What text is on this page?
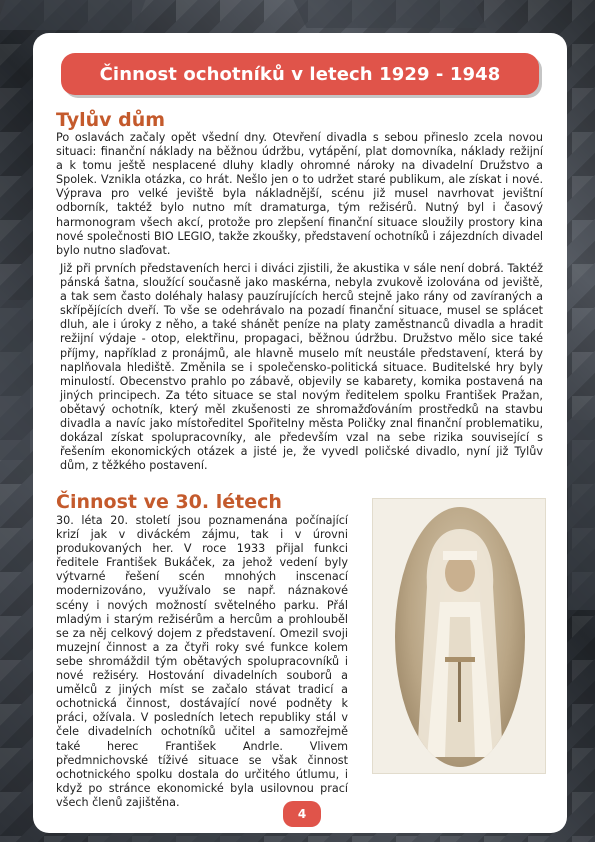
Činnost ochotníků v letech 1929 - 1948
Tylův dům

Po oslavách začaly opět všední dny. Otevření divadla s sebou přineslo zcela novou situaci: finanční náklady na běžnou údržbu, vytápění, plat domovníka, náklady režijní a k tomu ještě nesplacené dluhy kladly ohromné nároky na divadelní Družstvo a Spolek. Vznikla otázka, co hrát. Nešlo jen o to udržet staré publikum, ale získat i nové. Výprava pro velké jeviště byla nákladnější, scénu již musel navrhovat jevištní odborník, taktéž bylo nutno mít dramaturga, tým režisérů. Nutný byl i časový harmonogram všech akcí, protože pro zlepšení finanční situace sloužily prostory kina nové společnosti BIO LEGIO, takže zkoušky, představení ochotníků i zájezdních divadel bylo nutno slaďovat.

Již při prvních představeních herci i diváci zjistili, že akustika v sále není dobrá. Taktéž pánská šatna, sloužící současně jako maskérna, nebyla zvukově izolována od jeviště, a tak sem často doléhaly halasy pauzírujících herců stejně jako rány od zavíraných a skřípějících dveří. To vše se odehrávalo na pozadí finanční situace, musel se splácet dluh, ale i úroky z něho, a také shánět peníze na platy zaměstnanců divadla a hradit režijní výdaje - otop, elektřinu, propagaci, běžnou údržbu. Družstvo mělo sice také příjmy, například z pronájmů, ale hlavně muselo mít neustále představení, která by naplňovala hlediště. Změnila se i společensko-politická situace. Buditelské hry byly minulostí. Obecenstvo prahlo po zábavě, objevily se kabarety, komika postavená na jiných principech. Za této situace se stal novým ředitelem spolku František Pražan, obětavý ochotník, který měl zkušenosti ze shromažďováním prostředků na stavbu divadla a navíc jako místoředitel Spořitelny města Poličky znal finanční problematiku, dokázal získat spolupracovníky, ale především vzal na sebe rizika související s řešením ekonomických otázek a jisté je, že vyvedl poličské divadlo, nyní již Tylův dům, z těžkého postavení.

Činnost ve 30. létech

30. léta 20. století jsou poznamenána počínající krizí jak v diváckém zájmu, tak i v úrovni produkovaných her. V roce 1933 přijal funkci ředitele František Bukáček, za jehož vedení byly výtvarné řešení scén mnohých inscenací modernizováno, využívalo se např. náznakové scény i nových možností světelného parku. Přál mladým i starým režisérům a hercům a prohlouběl se za něj celkový dojem z představení. Omezil svoji muzejní činnost a za čtyři roky své funkce kolem sebe shromáždil tým obětavých spolupracovníků i nové režiséry. Hostování divadelních souborů a umělců z jiných míst se začalo stávat tradicí a ochotnická činnost, dostávající nové podněty k práci, ožívala. V posledních letech republiky stál v čele divadelních ochotníků učitel a samozřejmě také herec František Andrle. Vlivem předmnichovské tíživé situace se však činnost ochotnického spolku dostala do určitého útlumu, i když po stránce ekonomické byla usilovnou prací všech členů zajištěna.

4
